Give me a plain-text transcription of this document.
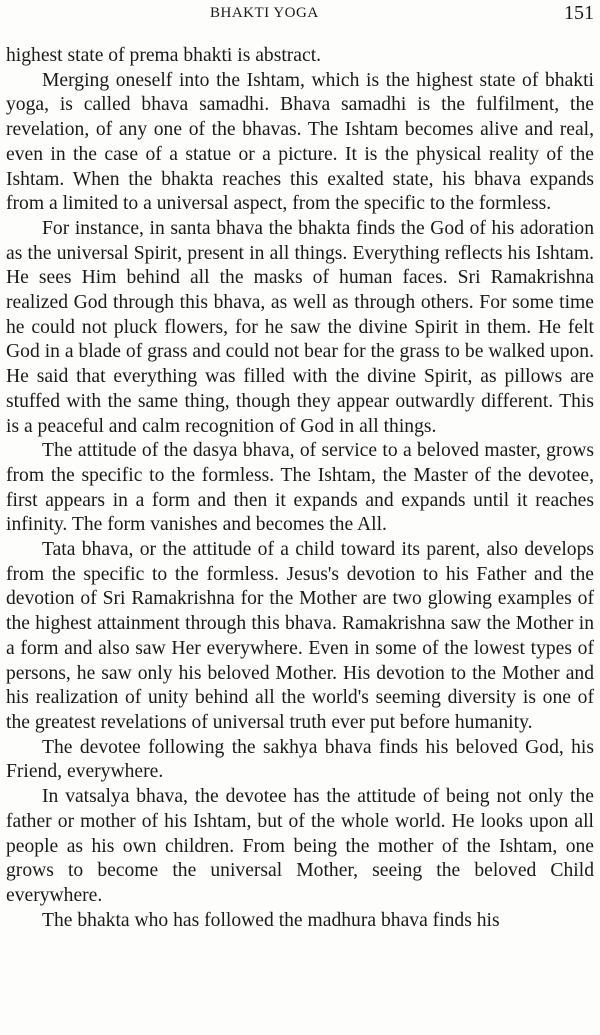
BHAKTI YOGA	151

highest state of prema bhakti is abstract.

Merging oneself into the Ishtam, which is the highest state of bhakti yoga, is called bhava samadhi. Bhava samadhi is the fulfilment, the revelation, of any one of the bhavas. The Ishtam becomes alive and real, even in the case of a statue or a picture. It is the physical reality of the Ishtam. When the bhakta reaches this exalted state, his bhava expands from a limited to a universal aspect, from the specific to the formless.

For instance, in santa bhava the bhakta finds the God of his adoration as the universal Spirit, present in all things. Everything reflects his Ishtam. He sees Him behind all the masks of human faces. Sri Ramakrishna realized God through this bhava, as well as through others. For some time he could not pluck flowers, for he saw the divine Spirit in them. He felt God in a blade of grass and could not bear for the grass to be walked upon. He said that everything was filled with the divine Spirit, as pillows are stuffed with the same thing, though they appear outwardly different. This is a peaceful and calm recognition of God in all things.

The attitude of the dasya bhava, of service to a beloved master, grows from the specific to the formless. The Ishtam, the Master of the devotee, first appears in a form and then it expands and expands until it reaches infinity. The form vanishes and becomes the All.

Tata bhava, or the attitude of a child toward its parent, also develops from the specific to the formless. Jesus's devotion to his Father and the devotion of Sri Ramakrishna for the Mother are two glowing examples of the highest attainment through this bhava. Ramakrishna saw the Mother in a form and also saw Her everywhere. Even in some of the lowest types of persons, he saw only his beloved Mother. His devotion to the Mother and his realization of unity behind all the world's seeming diversity is one of the greatest revelations of universal truth ever put before humanity.

The devotee following the sakhya bhava finds his beloved God, his Friend, everywhere.

In vatsalya bhava, the devotee has the attitude of being not only the father or mother of his Ishtam, but of the whole world. He looks upon all people as his own children. From being the mother of the Ishtam, one grows to become the universal Mother, seeing the beloved Child everywhere.

The bhakta who has followed the madhura bhava finds his
